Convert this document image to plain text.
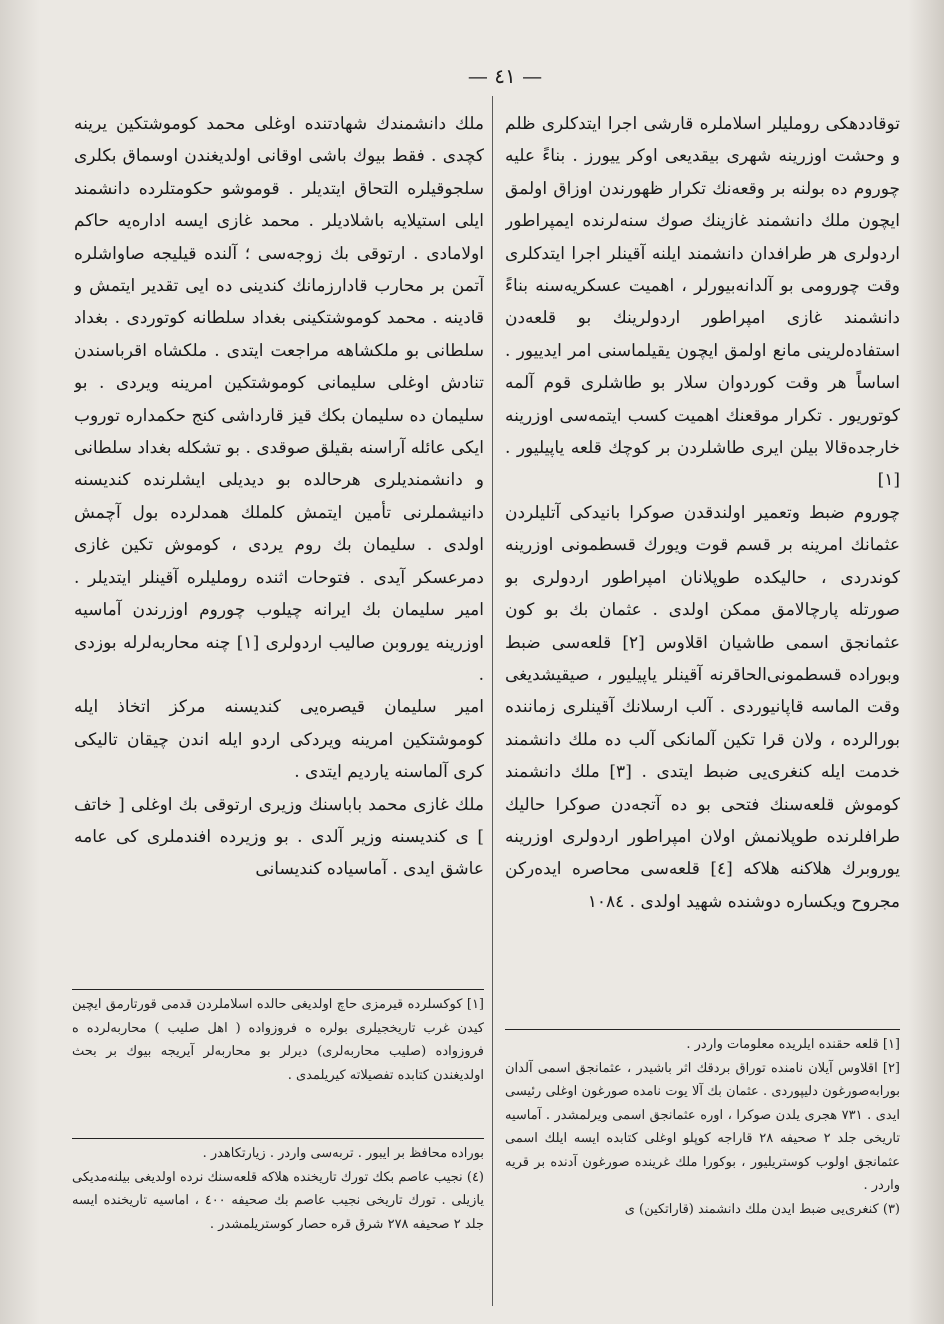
— ٤١ —

توقاددهکی رومليلر اسلاملره قارشی اجرا ایتدکلری ظلم و وحشت اوزرينه شهری بيقديعی اوكر ييورز . بناءً عليه چوروم ده بولنه بر وقعه‌نك تكرار ظهورندن اوزاق اولمق ايچون ملك دانشمند غازينك صوك سنه‌لرنده ایمپراطور اردولری هر طرافدان دانشمند ایلنه آقينلر اجرا ایتدکلری وقت چورومی بو آلدانه‌بيورلر ، اهميت عسكريه‌سنه بناءً دانشمند غازی امپراطور اردولرينك بو قلعه‌دن استفاده‌لرینی مانع اولمق ايچون يقيلماسنی امر ايدييور . اساساً هر وقت كوردوان سلار بو طاشلری قوم آلمه كوتوريور . تكرار موقعنك اهميت كسب ايتمه‌سی اوزرينه خارجده‌قالا بيلن ايری طاشلردن بر كوچك قلعه ياپيليور . [۱]

چوروم ضبط وتعمير اولندقدن صوكرا بانيدكی آتليلردن عثمانك امرينه بر قسم قوت ويورك قسطمونی اوزرينه كوندردی ، حاليكده طوپلانان امپراطور اردولری بو صورتله پارچالامق ممكن اولدی . عثمان بك بو كون عثمانجق اسمی طاشيان اقلاوس [۲] قلعه‌سی ضبط وبوراده قسطمونی‌الحاقرنه آقينلر ياپيليور ، صيقيشديغی وقت الماسه قاپانيوردی . آلب ارسلانك آقينلری زماننده بورالرده ، ولان قرا تكين آلمانکی آلب ده ملك دانشمند خدمت ايله كنغری‌يی ضبط ايتدی . [۳] ملك دانشمند كوموش قلعه‌سنك فتحی بو ده آتجه‌دن صوكرا حاليك طرافلرنده طوپلانمش اولان امپراطور اردولری اوزرينه يوروبرك هلاكنه هلاكه [٤] قلعه‌سی محاصره ايدەركن مجروح ويكساره دوشنده شهيد اولدی . ١٠٨٤

ملك دانشمندك شهادتنده اوغلی محمد كوموشتكين يرينه كچدی . فقط بيوك باشی اوقانی اولديغندن اوسماق بكلری سلجوقيلره التحاق ايتديلر . قوموشو حكومتلرده دانشمند ايلی استيلايه باشلاديلر . محمد غازی ايسه اداره‌يه حاكم اولامادی . ارتوقی بك زوجه‌سی ؛ آلنده قيليجه صاواشلره آتمن بر محارب قادارزمانك كندينی ده ايی تقدير ايتمش و قادينه . محمد كوموشتكينی بغداد سلطانه كوتوردی . بغداد سلطانی بو ملكشاهه مراجعت ايتدی . ملكشاه اقرباسندن تنادش اوغلی سليمانی كوموشتكين امرينه ويردی . بو سليمان ده سليمان بكك قيز قارداشی كنج حكمداره توروب ايكی عائله آراسنه بقيلق صوقدی . بو تشكله بغداد سلطانی و دانشمنديلری هرحالده بو ديديلی ايشلرنده كنديسنه دانيشملرنی تأمين ايتمش كلملك همدلرده بول آچمش اولدی . سليمان بك روم يردی ، كوموش تكين غازی دمرعسكر آيدی . فتوحات اثنده رومليلره آقينلر ايتديلر . امير سليمان بك ايرانه چيلوب چوروم اوزرندن آماسيه اوزرينه يوروبن صاليب اردولری [۱] چنه محاربه‌لرله بوزدی .

امير سليمان قيصره‌يی كنديسنه مركز اتخاذ ايله كوموشتكين امرينه ويردكی اردو ايله اندن چيقان تاليكی كری آلماسنه ياردیم ايتدی .

ملك غازی محمد باباسنك وزيری ارتوقی بك اوغلی [ خاتف ] ی كنديسنه وزير آلدی . بو وزيرده افندملری كی عامه عاشق ايدی . آماسياده كنديسانی

[۱] كوكسلرده قيرمزی حاچ اولديغی حالده اسلاملردن قدمی قورتارمق ايچين كيدن غرب تاريخجيلری بولره ه فروزواده ( اهل صليب ) محاربه‌لرده ه فروزواده (صليب محاربه‌لری) ديرلر بو محاربه‌لر آيريجه بيوك بر بحث اولديغندن كتابده تفصيلاته كيريلمدی .

بوراده محافظ بر ايبور . تربه‌سی واردر . زيارتكاهدر .

(٤) نجيب عاصم بكك تورك تاريخنده هلاكه قلعه‌سنك نرده اولديغی بيلنه‌مدیكی يازيلی . تورك تاريخی نجيب عاصم بك صحيفه ٤٠٠ ، اماسيه تاريخنده ايسه جلد ۲ صحيفه ۲۷۸ شرق قره حصار كوستريلمشدر .

[۱] قلعه حقنده ايلريده معلومات واردر .

[۲] اقلاوس آيلان نامنده توراق بردقك اثر باشيدر ، عثمانجق اسمی آلدان بورابه‌صورغون دليپوردی . عثمان بك آلا يوت نامده صورغون اوغلی رئيسی ايدی . ۷۳۱ هجری يلدن صوكرا ، اوره عثمانجق اسمی ويرلمشدر . آماسيه تاريخی جلد ۲ صحيفه ۲۸ قاراجه كوپلو اوغلی كتابده ايسه ايلك اسمی عثمانجق اولوب كوستريليور ، بوكورا ملك غرينده صورغون آدنده بر قريه واردر .

(۳) كنغری‌يی ضبط ايدن ملك دانشمند (قاراتكين) ی
